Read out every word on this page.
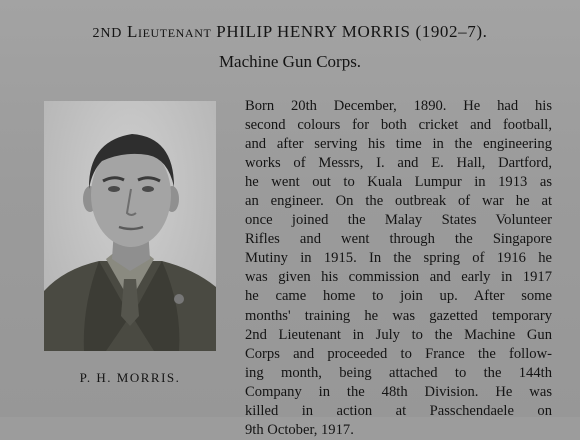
2ND Lieutenant PHILIP HENRY MORRIS (1902–7).
Machine Gun Corps.
P. H. MORRIS.
Born 20th December, 1890. He had his
second colours for both cricket and football,
and after serving his time in the engineering
works of Messrs, I. and E. Hall, Dartford,
he went out to Kuala Lumpur in 1913 as
an engineer. On the outbreak of war he at
once joined the Malay States Volunteer
Rifles and went through the Singapore
Mutiny in 1915. In the spring of 1916 he
was given his commission and early in 1917
he came home to join up. After some
months' training he was gazetted temporary
2nd Lieutenant in July to the Machine Gun
Corps and proceeded to France the follow-
ing month, being attached to the 144th
Company in the 48th Division. He was
killed in action at Passchendaele on
9th October, 1917.
